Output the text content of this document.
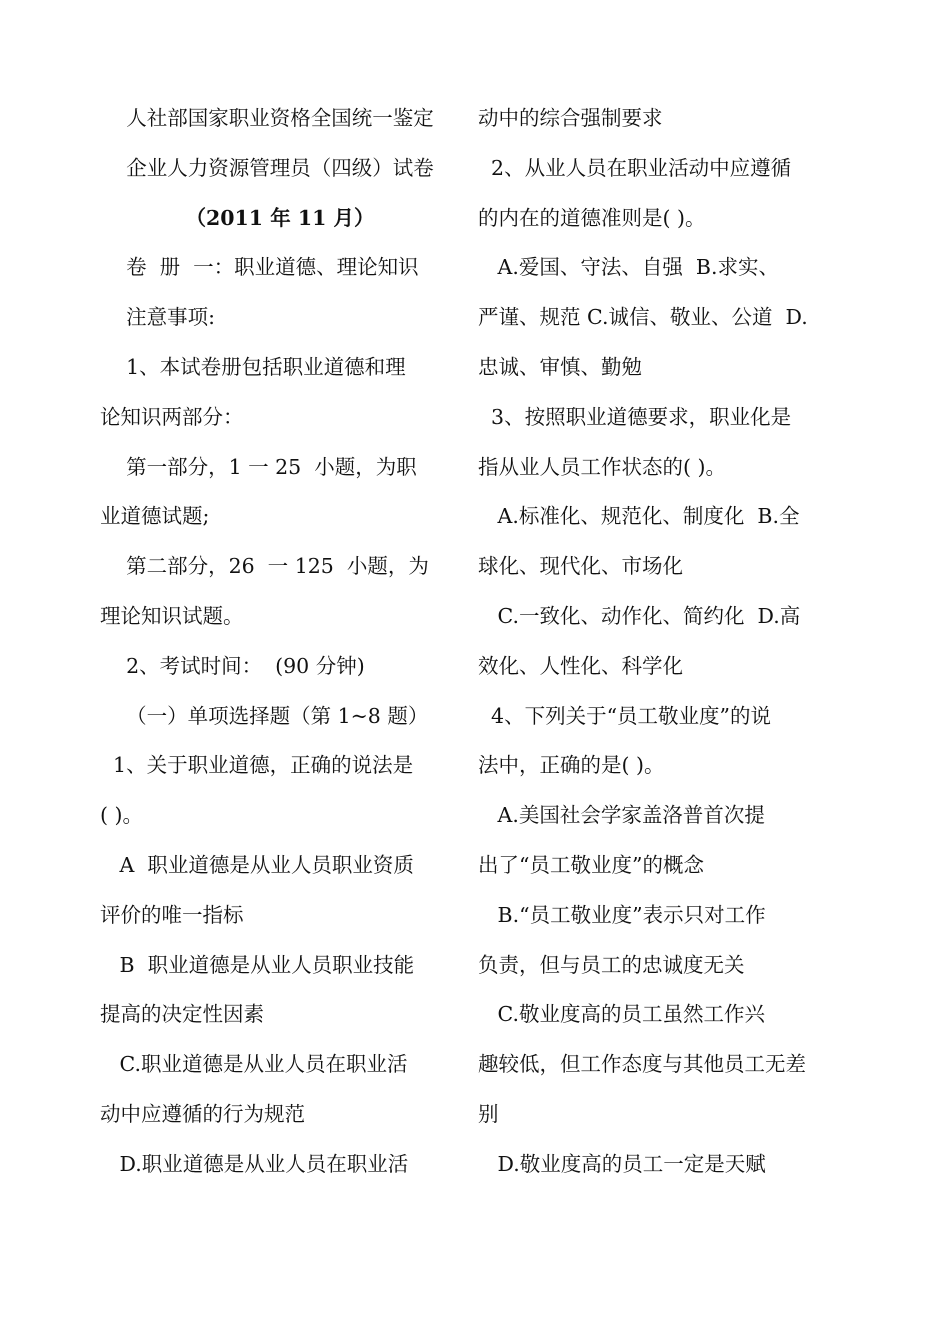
人社部国家职业资格全国统一鉴定
企业人力资源管理员（四级）试卷
（2011 年 11 月）
卷  册  一：职业道德、理论知识
注意事项:
1、本试卷册包括职业道德和理
论知识两部分：
第一部分，1 一 25  小题，为职
业道德试题;
第二部分，26  一 125  小题，为
理论知识试题。
2、考试时间：  (90 分钟)
（一）单项选择题（第 1~8 题）
1、关于职业道德，正确的说法是
( )。
A  职业道德是从业人员职业资质
评价的唯一指标
B  职业道德是从业人员职业技能
提高的决定性因素
C.职业道德是从业人员在职业活
动中应遵循的行为规范
D.职业道德是从业人员在职业活
动中的综合强制要求
2、从业人员在职业活动中应遵循
的内在的道德准则是( )。
A.爱国、守法、自强  B.求实、
严谨、规范 C.诚信、敬业、公道  D.
忠诚、审慎、勤勉
3、按照职业道德要求，职业化是
指从业人员工作状态的( )。
A.标准化、规范化、制度化  B.全
球化、现代化、市场化
C.一致化、动作化、简约化  D.高
效化、人性化、科学化
4、下列关于“员工敬业度”的说
法中，正确的是( )。
A.美国社会学家盖洛普首次提
出了“员工敬业度”的概念
B.“员工敬业度”表示只对工作
负责，但与员工的忠诚度无关
C.敬业度高的员工虽然工作兴
趣较低，但工作态度与其他员工无差
别
D.敬业度高的员工一定是天赋
